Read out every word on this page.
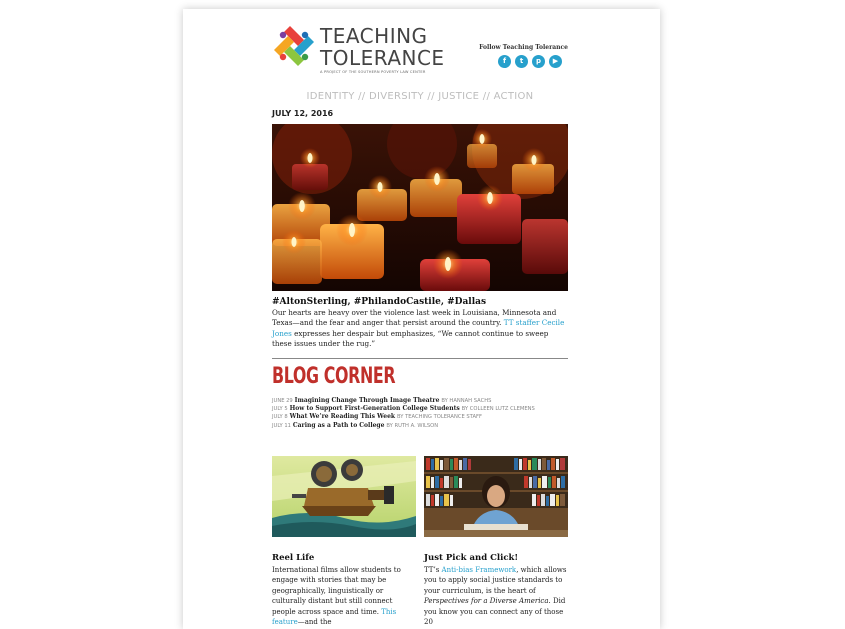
TEACHING
TOLERANCE
A PROJECT OF THE SOUTHERN POVERTY LAW CENTER
Follow Teaching Tolerance
f	t	p	▶
IDENTITY // DIVERSITY // JUSTICE // ACTION
JULY 12, 2016
#AltonSterling, #PhilandoCastile, #Dallas
Our hearts are heavy over the violence last week in Louisiana, Minnesota and Texas—and the fear and anger that persist around the country. TT staffer Cecile Jones expresses her despair but emphasizes, “We cannot continue to sweep these issues under the rug.”
BLOG CORNER
JUNE 29 Imagining Change Through Image Theatre BY HANNAH SACHS
JULY 5 How to Support First-Generation College Students BY COLLEEN LUTZ CLEMENS
JULY 8 What We’re Reading This Week BY TEACHING TOLERANCE STAFF
JULY 11 Caring as a Path to College BY RUTH A. WILSON
Reel Life
International films allow students to engage with stories that may be geographically, linguistically or culturally distant but still connect people across space and time. This feature—and the
Just Pick and Click!
TT’s Anti-bias Framework, which allows you to apply social justice standards to your curriculum, is the heart of Perspectives for a Diverse America. Did you know you can connect any of those 20
